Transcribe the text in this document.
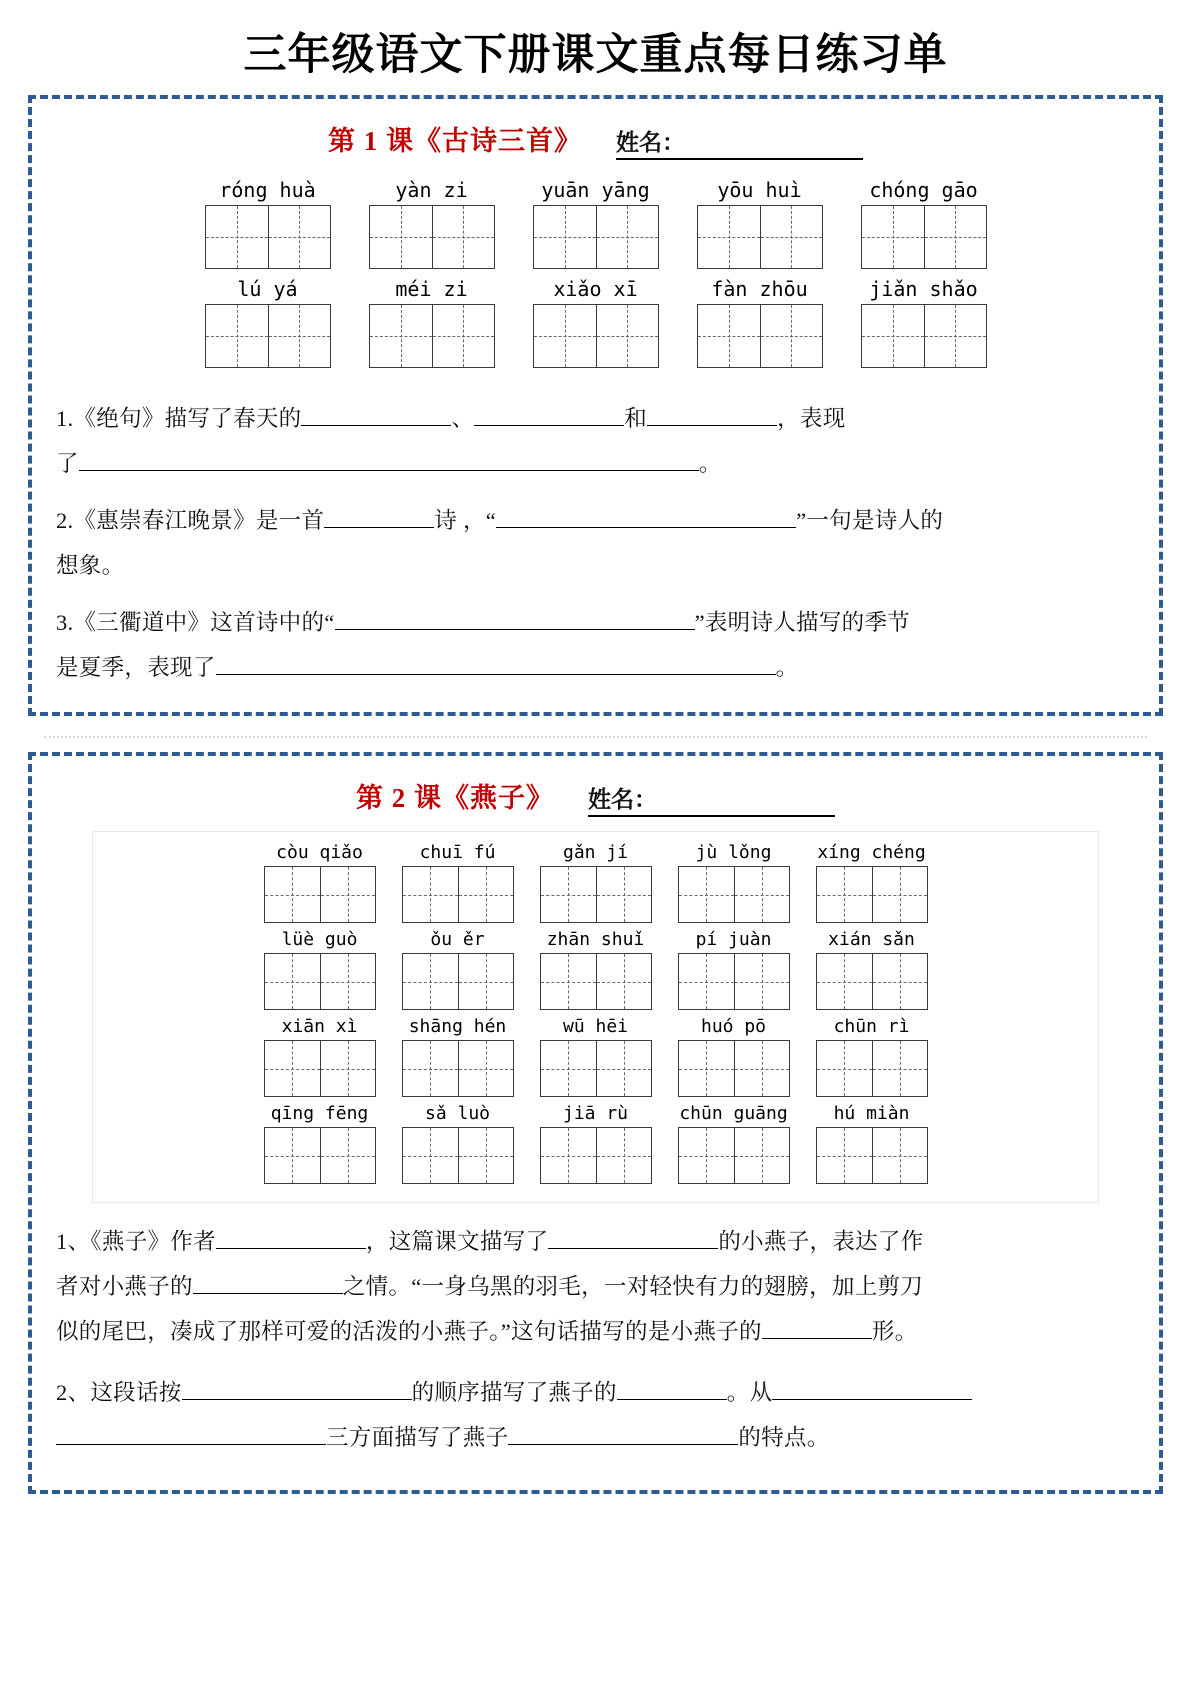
三年级语文下册课文重点每日练习单
第 1 课《古诗三首》 姓名：
róng huà	yàn zi	yuān yāng	yōu huì	chóng gāo
lú yá	méi zi	xiǎo xī	fàn zhōu	jiǎn shǎo
1.《绝句》描写了春天的	、	和	，表现
了	。
2.《惠崇春江晚景》是一首	诗 ，“	”一句是诗人的
想象。
3.《三衢道中》这首诗中的“	”表明诗人描写的季节
是夏季，表现了	。
第 2 课《燕子》 姓名：
còu qiǎo	chuī fú	gǎn jí	jù lǒng	xíng chéng
lüè guò	ǒu ěr	zhān shuǐ	pí juàn	xián sǎn
xiān xì	shāng hén	wū hēi	huó pō	chūn rì
qīng fēng	sǎ luò	jiā rù	chūn guāng	hú miàn
1、《燕子》作者	，这篇课文描写了	的小燕子，表达了作
者对小燕子的	之情。“一身乌黑的羽毛，一对轻快有力的翅膀，加上剪刀
似的尾巴，凑成了那样可爱的活泼的小燕子。”这句话描写的是小燕子的	形。
2、这段话按	的顺序描写了燕子的	。从
三方面描写了燕子	的特点。
